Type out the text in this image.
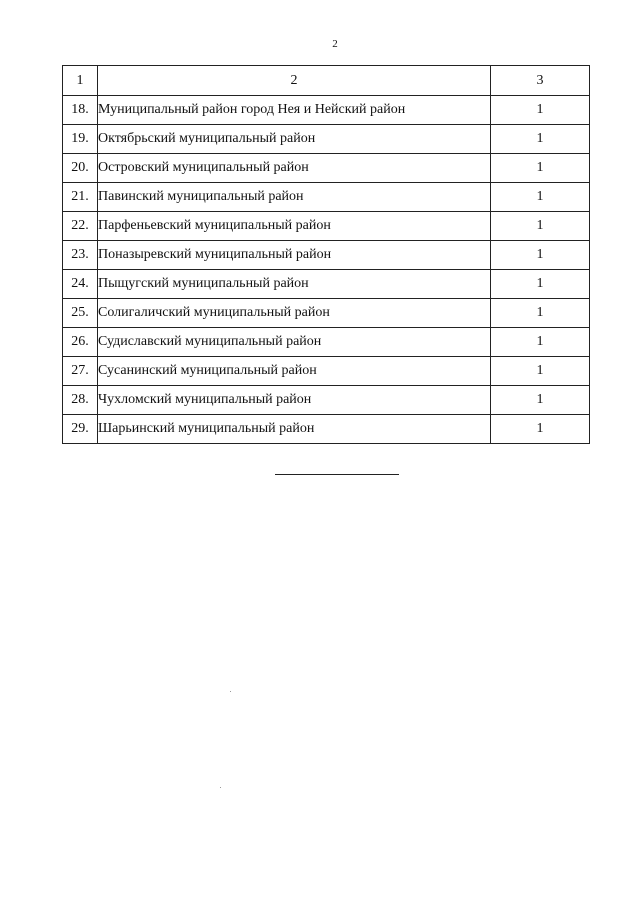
2
1	2	3
18.	Муниципальный район город Нея и Нейский район	1
19.	Октябрьский муниципальный район	1
20.	Островский муниципальный район	1
21.	Павинский муниципальный район	1
22.	Парфеньевский муниципальный район	1
23.	Поназыревский муниципальный район	1
24.	Пыщугский муниципальный район	1
25.	Солигаличский муниципальный район	1
26.	Судиславский муниципальный район	1
27.	Сусанинский муниципальный район	1
28.	Чухломский муниципальный район	1
29.	Шарьинский муниципальный район	1
